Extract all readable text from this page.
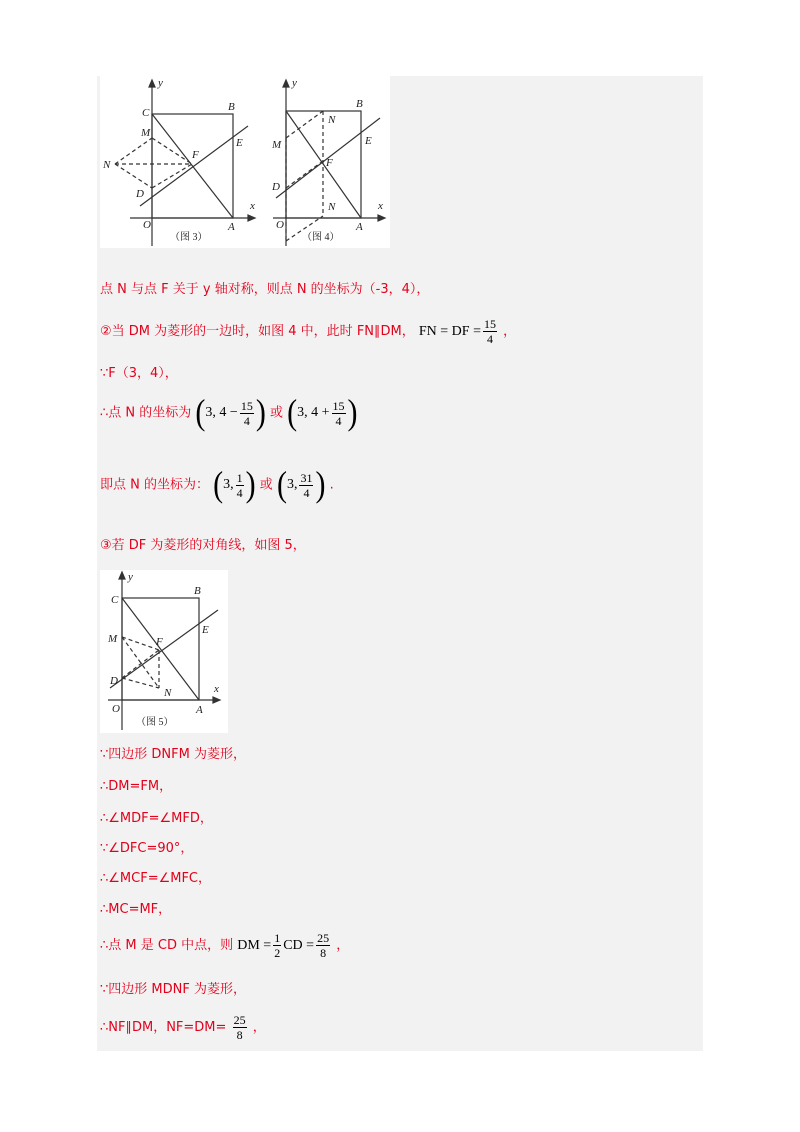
y
x
C	B
M
E
N
F
D
O	A
（图 3）
y
x
B
N
E
M
F
D
O
N
A
（图 4）
点 N 与点 F 关于 y 轴对称，则点 N 的坐标为（-3，4），
②当 DM 为菱形的一边时，如图 4 中，此时 FN∥DM， FN = DF = $\frac{15}{4}$ ，
∵F（3，4），
∴点 N 的坐标为 ( 3, $4 - \frac{15}{4}$ ) 或 ( 3, $4 + \frac{15}{4}$ )
即点 N 的坐标为： ( 3, $\frac{1}{4}$ ) 或 ( 3, $\frac{31}{4}$ ) .
③若 DF 为菱形的对角线，如图 5，
y
x
C
B
E
M	F
D
N
O	A
（图 5）
∵四边形 DNFM 为菱形，
∴DM=FM，
∴∠MDF=∠MFD，
∵∠DFC=90°，
∴∠MCF=∠MFC，
∴MC=MF，
∴点 M 是 CD 中点，则 DM = $\frac{1}{2}$ CD = $\frac{25}{8}$ ，
∵四边形 MDNF 为菱形，
∴NF∥DM，$NF=DM= \frac{25}{8}$ ，
